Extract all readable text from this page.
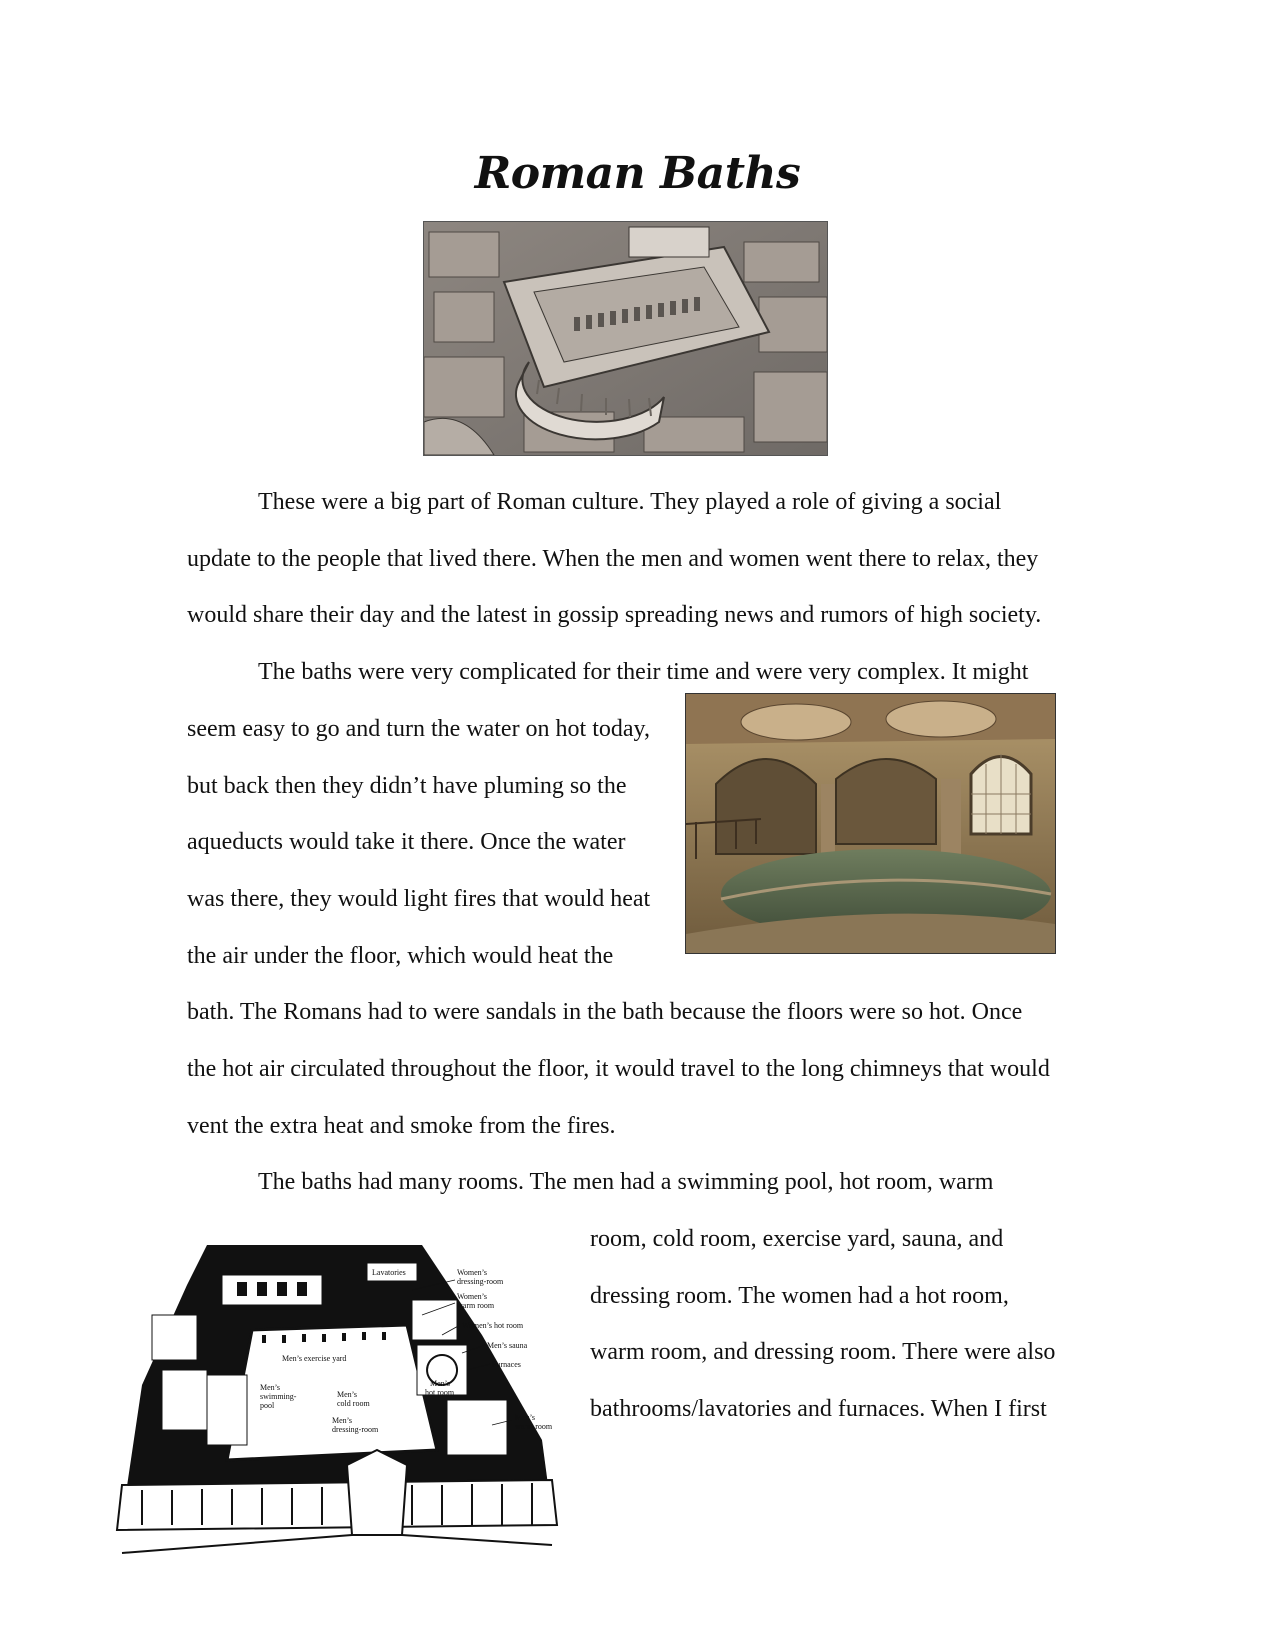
Roman Baths
These were a big part of Roman culture. They played a role of giving a social
update to the people that lived there. When the men and women went there to relax, they
would share their day and the latest in gossip spreading news and rumors of high society.
The baths were very complicated for their time and were very complex. It might
seem easy to go and turn the water on hot today,
but back then they didn’t have pluming so the
aqueducts would take it there. Once the water
was there, they would light fires that would heat
the air under the floor, which would heat the
bath. The Romans had to were sandals in the bath because the floors were so hot. Once
the hot air circulated throughout the floor, it would travel to the long chimneys that would
vent the extra heat and smoke from the fires.
The baths had many rooms. The men had a swimming pool, hot room, warm
room, cold room, exercise yard, sauna, and
dressing room. The women had a hot room,
warm room, and dressing room. There were also
bathrooms/lavatories and furnaces. When I first
Lavatories	Women’s
dressing-room
Women’s
warm room
Women’s hot room
Men’s sauna
Furnaces
Men’s exercise yard
Men’s
hot room
Men’s
swimming-
pool
Men’s
cold room
Men’s
dressing-room
Men’s
warm room
